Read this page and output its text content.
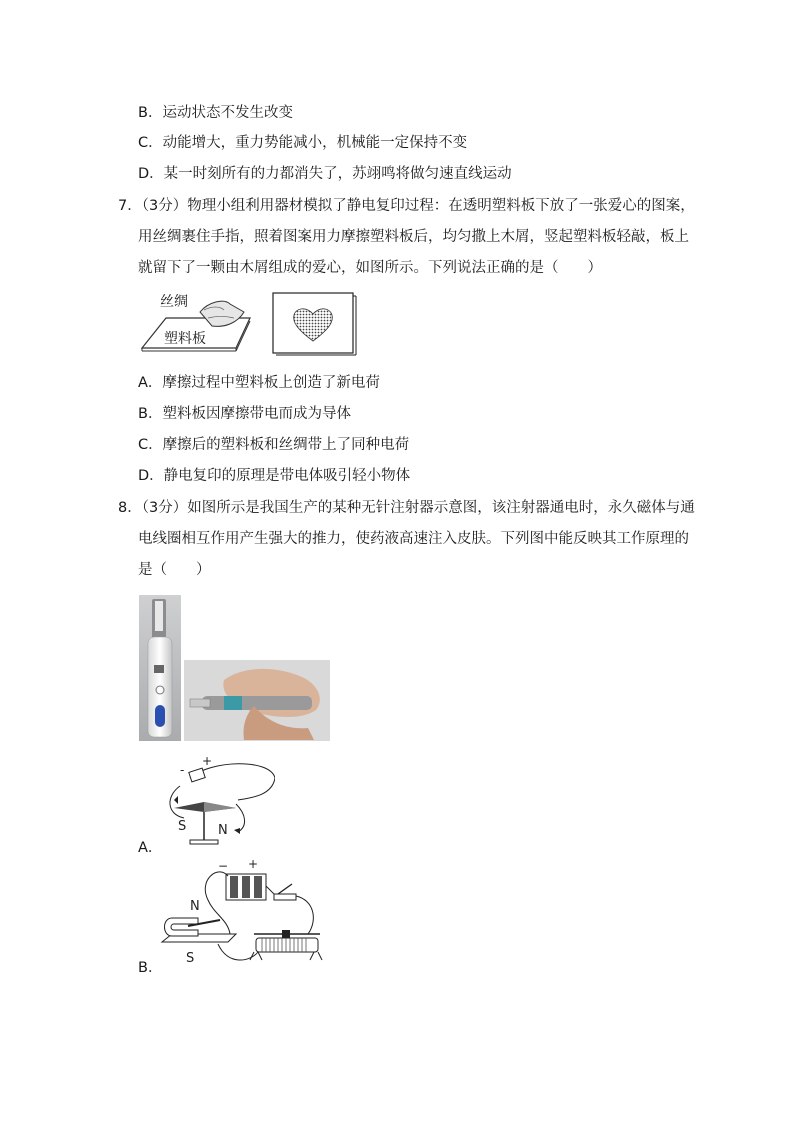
B．运动状态不发生改变
C．动能增大，重力势能减小，机械能一定保持不变
D．某一时刻所有的力都消失了，苏翊鸣将做匀速直线运动
7．（3分）物理小组利用器材模拟了静电复印过程：在透明塑料板下放了一张爱心的图案，
用丝绸裹住手指，照着图案用力摩擦塑料板后，均匀撒上木屑，竖起塑料板轻敲，板上
就留下了一颗由木屑组成的爱心，如图所示。下列说法正确的是（　　）
丝绸
塑料板
A．摩擦过程中塑料板上创造了新电荷
B．塑料板因摩擦带电而成为导体
C．摩擦后的塑料板和丝绸带上了同种电荷
D．静电复印的原理是带电体吸引轻小物体
8．（3分）如图所示是我国生产的某种无针注射器示意图，该注射器通电时，永久磁体与通
电线圈相互作用产生强大的推力，使药液高速注入皮肤。下列图中能反映其工作原理的
是（　　）
-
+
S N
A．
− +
N
S
B．
